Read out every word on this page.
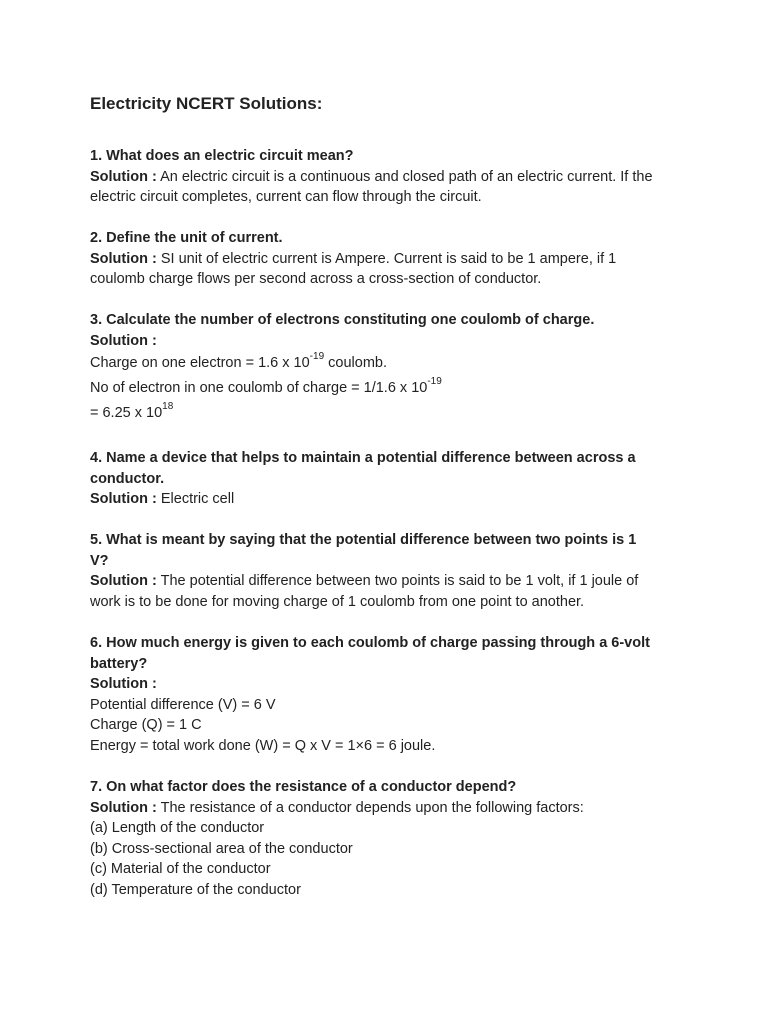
Electricity NCERT Solutions:

1. What does an electric circuit mean?

Solution : An electric circuit is a continuous and closed path of an electric current. If the

electric circuit completes, current can flow through the circuit.

2. Define the unit of current.

Solution : SI unit of electric current is Ampere. Current is said to be 1 ampere, if 1

coulomb charge flows per second across a cross-section of conductor.

3. Calculate the number of electrons constituting one coulomb of charge.

Solution :

Charge on one electron = 1.6 x $10^{-19}$ coulomb.

No of electron in one coulomb of charge = 1/1.6 x $10^{-19}$

= 6.25 x $10^{18}$

4. Name a device that helps to maintain a potential difference between across a

conductor.

Solution : Electric cell

5. What is meant by saying that the potential difference between two points is 1

V?

Solution : The potential difference between two points is said to be 1 volt, if 1 joule of

work is to be done for moving charge of 1 coulomb from one point to another.

6. How much energy is given to each coulomb of charge passing through a 6-volt

battery?

Solution :

Potential difference (V) = 6 V

Charge (Q) = 1 C

Energy = total work done (W) = Q x V = 1×6 = 6 joule.

7. On what factor does the resistance of a conductor depend?

Solution : The resistance of a conductor depends upon the following factors:

(a) Length of the conductor

(b) Cross-sectional area of the conductor

(c) Material of the conductor

(d) Temperature of the conductor
